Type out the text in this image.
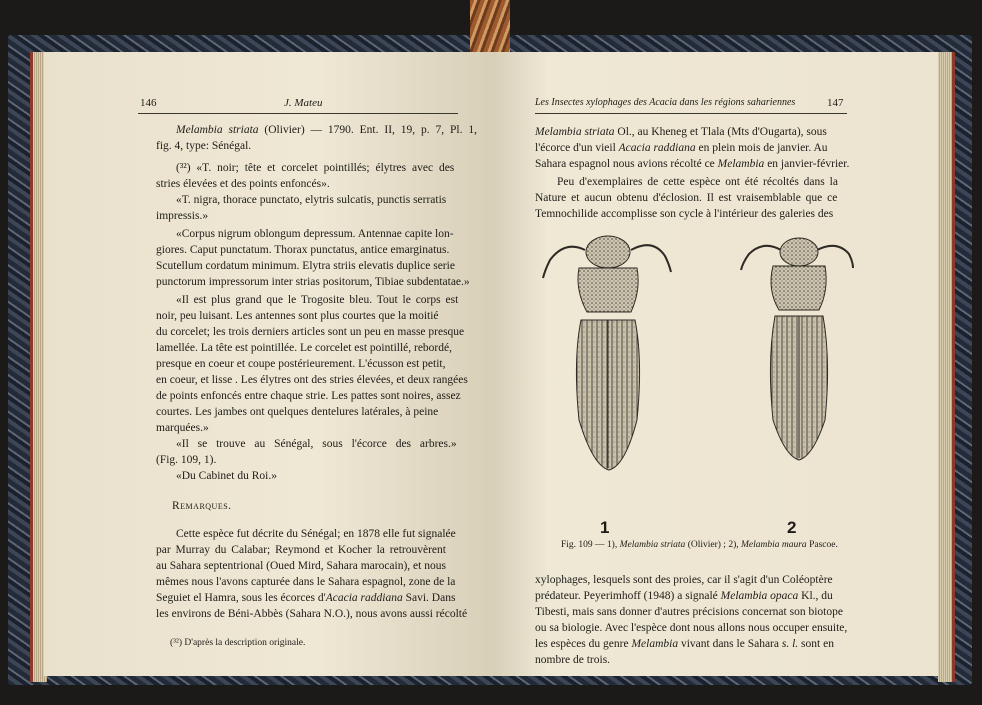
146	J. Mateu
Melambia striata (Olivier) — 1790. Ent. II, 19, p. 7, Pl. 1,
fig. 4, type: Sénégal.
(³²) «T. noir; tête et corcelet pointillés; élytres avec des
stries élevées et des points enfoncés».
«T. nigra, thorace punctato, elytris sulcatis, punctis serratis
impressis.»
«Corpus nigrum oblongum depressum. Antennae capite lon-
giores. Caput punctatum. Thorax punctatus, antice emarginatus.
Scutellum cordatum minimum. Elytra striis elevatis duplice serie
punctorum impressorum inter strias positorum, Tibiae subdentatae.»
«Il est plus grand que le Trogosite bleu. Tout le corps est
noir, peu luisant. Les antennes sont plus courtes que la moitié
du corcelet; les trois derniers articles sont un peu en masse presque
lamellée. La tête est pointillée. Le corcelet est pointillé, rebordé,
presque en coeur et coupe postérieurement. L'écusson est petit,
en coeur, et lisse . Les élytres ont des stries élevées, et deux rangées
de points enfoncés entre chaque strie. Les pattes sont noires, assez
courtes. Les jambes ont quelques dentelures latérales, à peine
marquées.»
«Il se trouve au Sénégal, sous l'écorce des arbres.»
(Fig. 109, 1).
«Du Cabinet du Roi.»
Remarques.
Cette espèce fut décrite du Sénégal; en 1878 elle fut signalée
par Murray du Calabar; Reymond et Kocher la retrouvèrent
au Sahara septentrional (Oued Mird, Sahara marocain), et nous
mêmes nous l'avons capturée dans le Sahara espagnol, zone de la
Seguiet el Hamra, sous les écorces d'Acacia raddiana Savi. Dans
les environs de Béni-Abbès (Sahara N.O.), nous avons aussi récolté
(³²) D'après la description originale.
Les Insectes xylophages des Acacia dans les régions sahariennes	147
Melambia striata Ol., au Kheneg et Tlala (Mts d'Ougarta), sous
l'écorce d'un vieil Acacia raddiana en plein mois de janvier. Au
Sahara espagnol nous avions récolté ce Melambia en janvier-février.
Peu d'exemplaires de cette espèce ont été récoltés dans la
Nature et aucun obtenu d'éclosion. Il est vraisemblable que ce
Temnochilide accomplisse son cycle à l'intérieur des galeries des
1	2
Fig. 109 — 1), Melambia striata (Olivier) ; 2), Melambia maura Pascoe.
xylophages, lesquels sont des proies, car il s'agit d'un Coléoptère
prédateur. Peyerimhoff (1948) a signalé Melambia opaca Kl., du
Tibesti, mais sans donner d'autres précisions concernat son biotope
ou sa biologie. Avec l'espèce dont nous allons nous occuper ensuite,
les espèces du genre Melambia vivant dans le Sahara s. l. sont en
nombre de trois.
